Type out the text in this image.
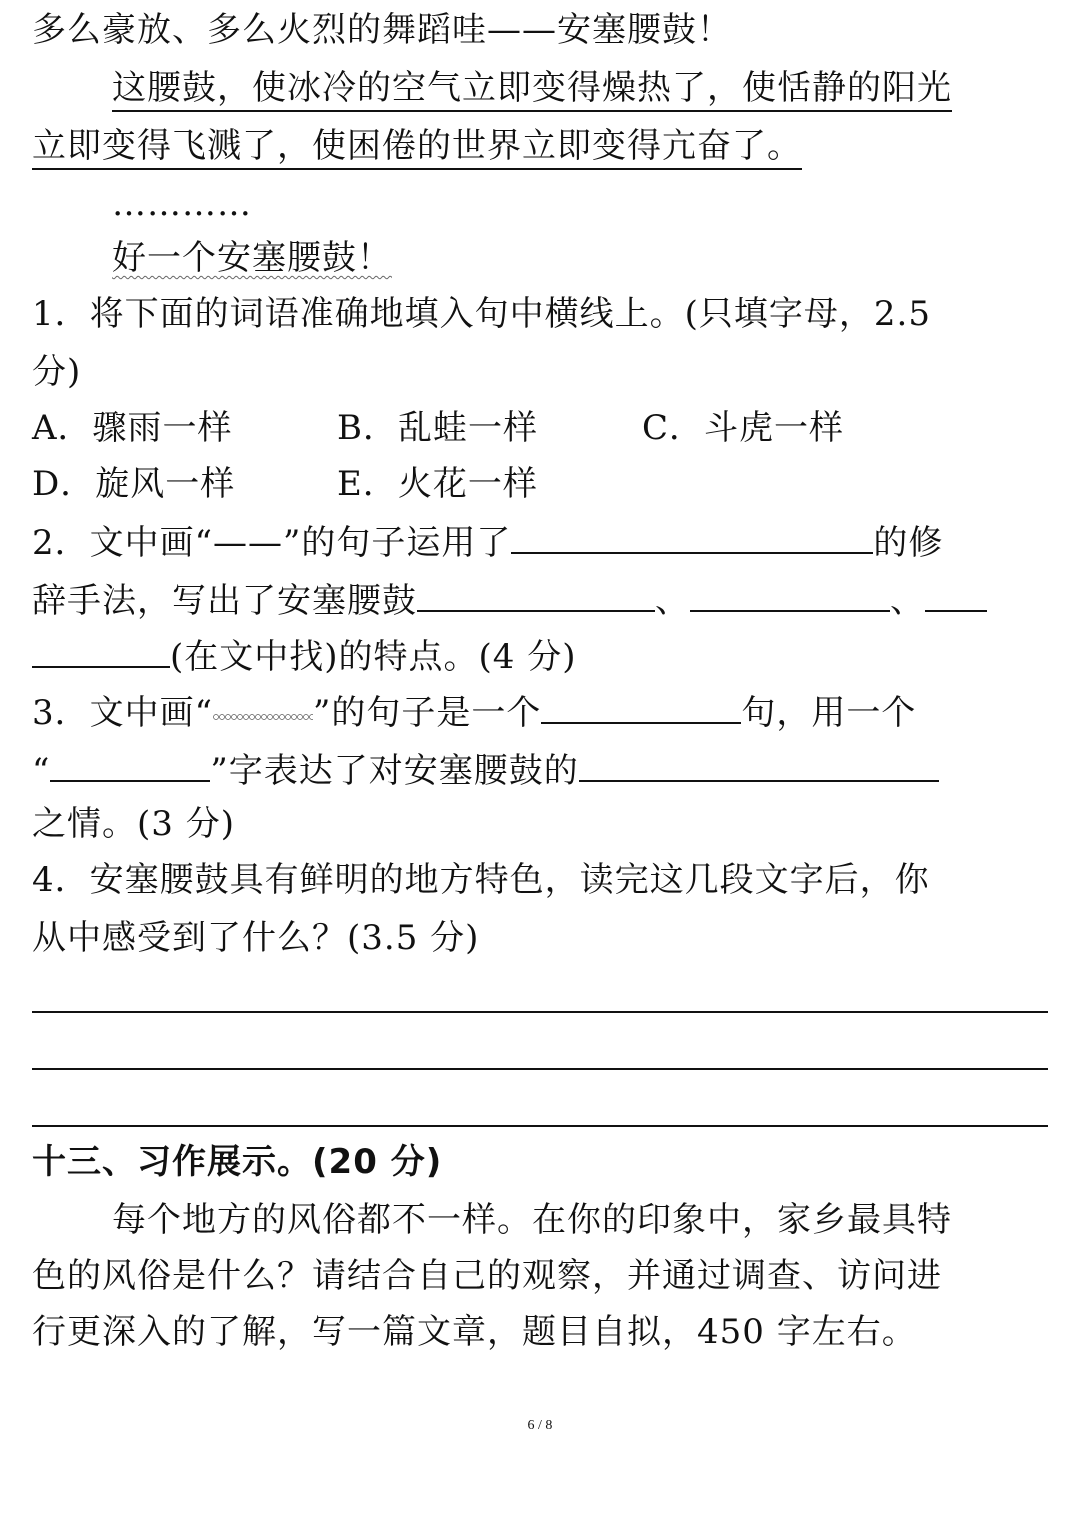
多么豪放、多么火烈的舞蹈哇——安塞腰鼓！
这腰鼓，使冰冷的空气立即变得燥热了，使恬静的阳光
立即变得飞溅了，使困倦的世界立即变得亢奋了。
…………
好一个安塞腰鼓！
1．将下面的词语准确地填入句中横线上。(只填字母，2.5
分)
A．骤雨一样	B．乱蛙一样	C．斗虎一样
D．旋风一样	E．火花一样
2．文中画“——”的句子运用了	的修
辞手法，写出了安塞腰鼓	、	、
(在文中找)的特点。(4 分)
3．文中画“	”的句子是一个	句，用一个
“	”字表达了对安塞腰鼓的
之情。(3 分)
4．安塞腰鼓具有鲜明的地方特色，读完这几段文字后，你
从中感受到了什么？(3.5 分)
十三、习作展示。(20 分)
每个地方的风俗都不一样。在你的印象中，家乡最具特
色的风俗是什么？请结合自己的观察，并通过调查、访问进
行更深入的了解，写一篇文章，题目自拟，450 字左右。
6 / 8
